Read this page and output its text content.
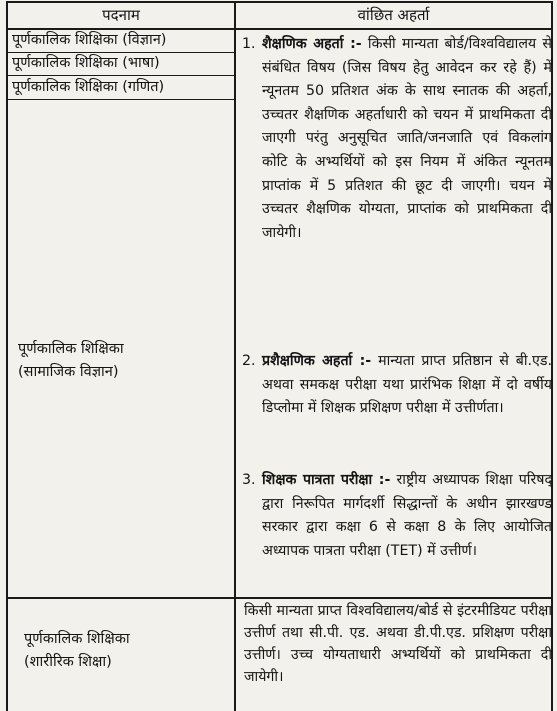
पदनाम	वांछित अहर्ता
पूर्णकालिक शिक्षिका (विज्ञान)
पूर्णकालिक शिक्षिका (भाषा)
पूर्णकालिक शिक्षिका (गणित)
पूर्णकालिक शिक्षिका
(सामाजिक विज्ञान)
पूर्णकालिक शिक्षिका
(शारीरिक शिक्षा)
1. शैक्षणिक अहर्ता :- किसी मान्यता बोर्ड/विश्वविद्यालय से संबंधित विषय (जिस विषय हेतु आवेदन कर रहे हैं) में न्यूनतम 50 प्रतिशत अंक के साथ स्नातक की अहर्ता, उच्चतर शैक्षणिक अहर्ताधारी को चयन में प्राथमिकता दी जाएगी परंतु अनुसूचित जाति/जनजाति एवं विकलांग कोटि के अभ्यर्थियों को इस नियम में अंकित न्यूनतम प्राप्तांक में 5 प्रतिशत की छूट दी जाएगी। चयन में उच्चतर शैक्षणिक योग्यता, प्राप्तांक को प्राथमिकता दी जायेगी।
2. प्रशैक्षणिक अहर्ता :- मान्यता प्राप्त प्रतिष्ठान से बी.एड. अथवा समकक्ष परीक्षा यथा प्रारंभिक शिक्षा में दो वर्षीय डिप्लोमा में शिक्षक प्रशिक्षण परीक्षा में उत्तीर्णता।
3. शिक्षक पात्रता परीक्षा :- राष्ट्रीय अध्यापक शिक्षा परिषद् द्वारा निरूपित मार्गदर्शी सिद्धान्तों के अधीन झारखण्ड सरकार द्वारा कक्षा 6 से कक्षा 8 के लिए आयोजित अध्यापक पात्रता परीक्षा (TET) में उत्तीर्ण।
किसी मान्यता प्राप्त विश्वविद्यालय/बोर्ड से इंटरमीडियट परीक्षा उत्तीर्ण तथा सी.पी. एड. अथवा डी.पी.एड. प्रशिक्षण परीक्षा उत्तीर्ण। उच्च योग्यताधारी अभ्यर्थियों को प्राथमिकता दी जायेगी।
